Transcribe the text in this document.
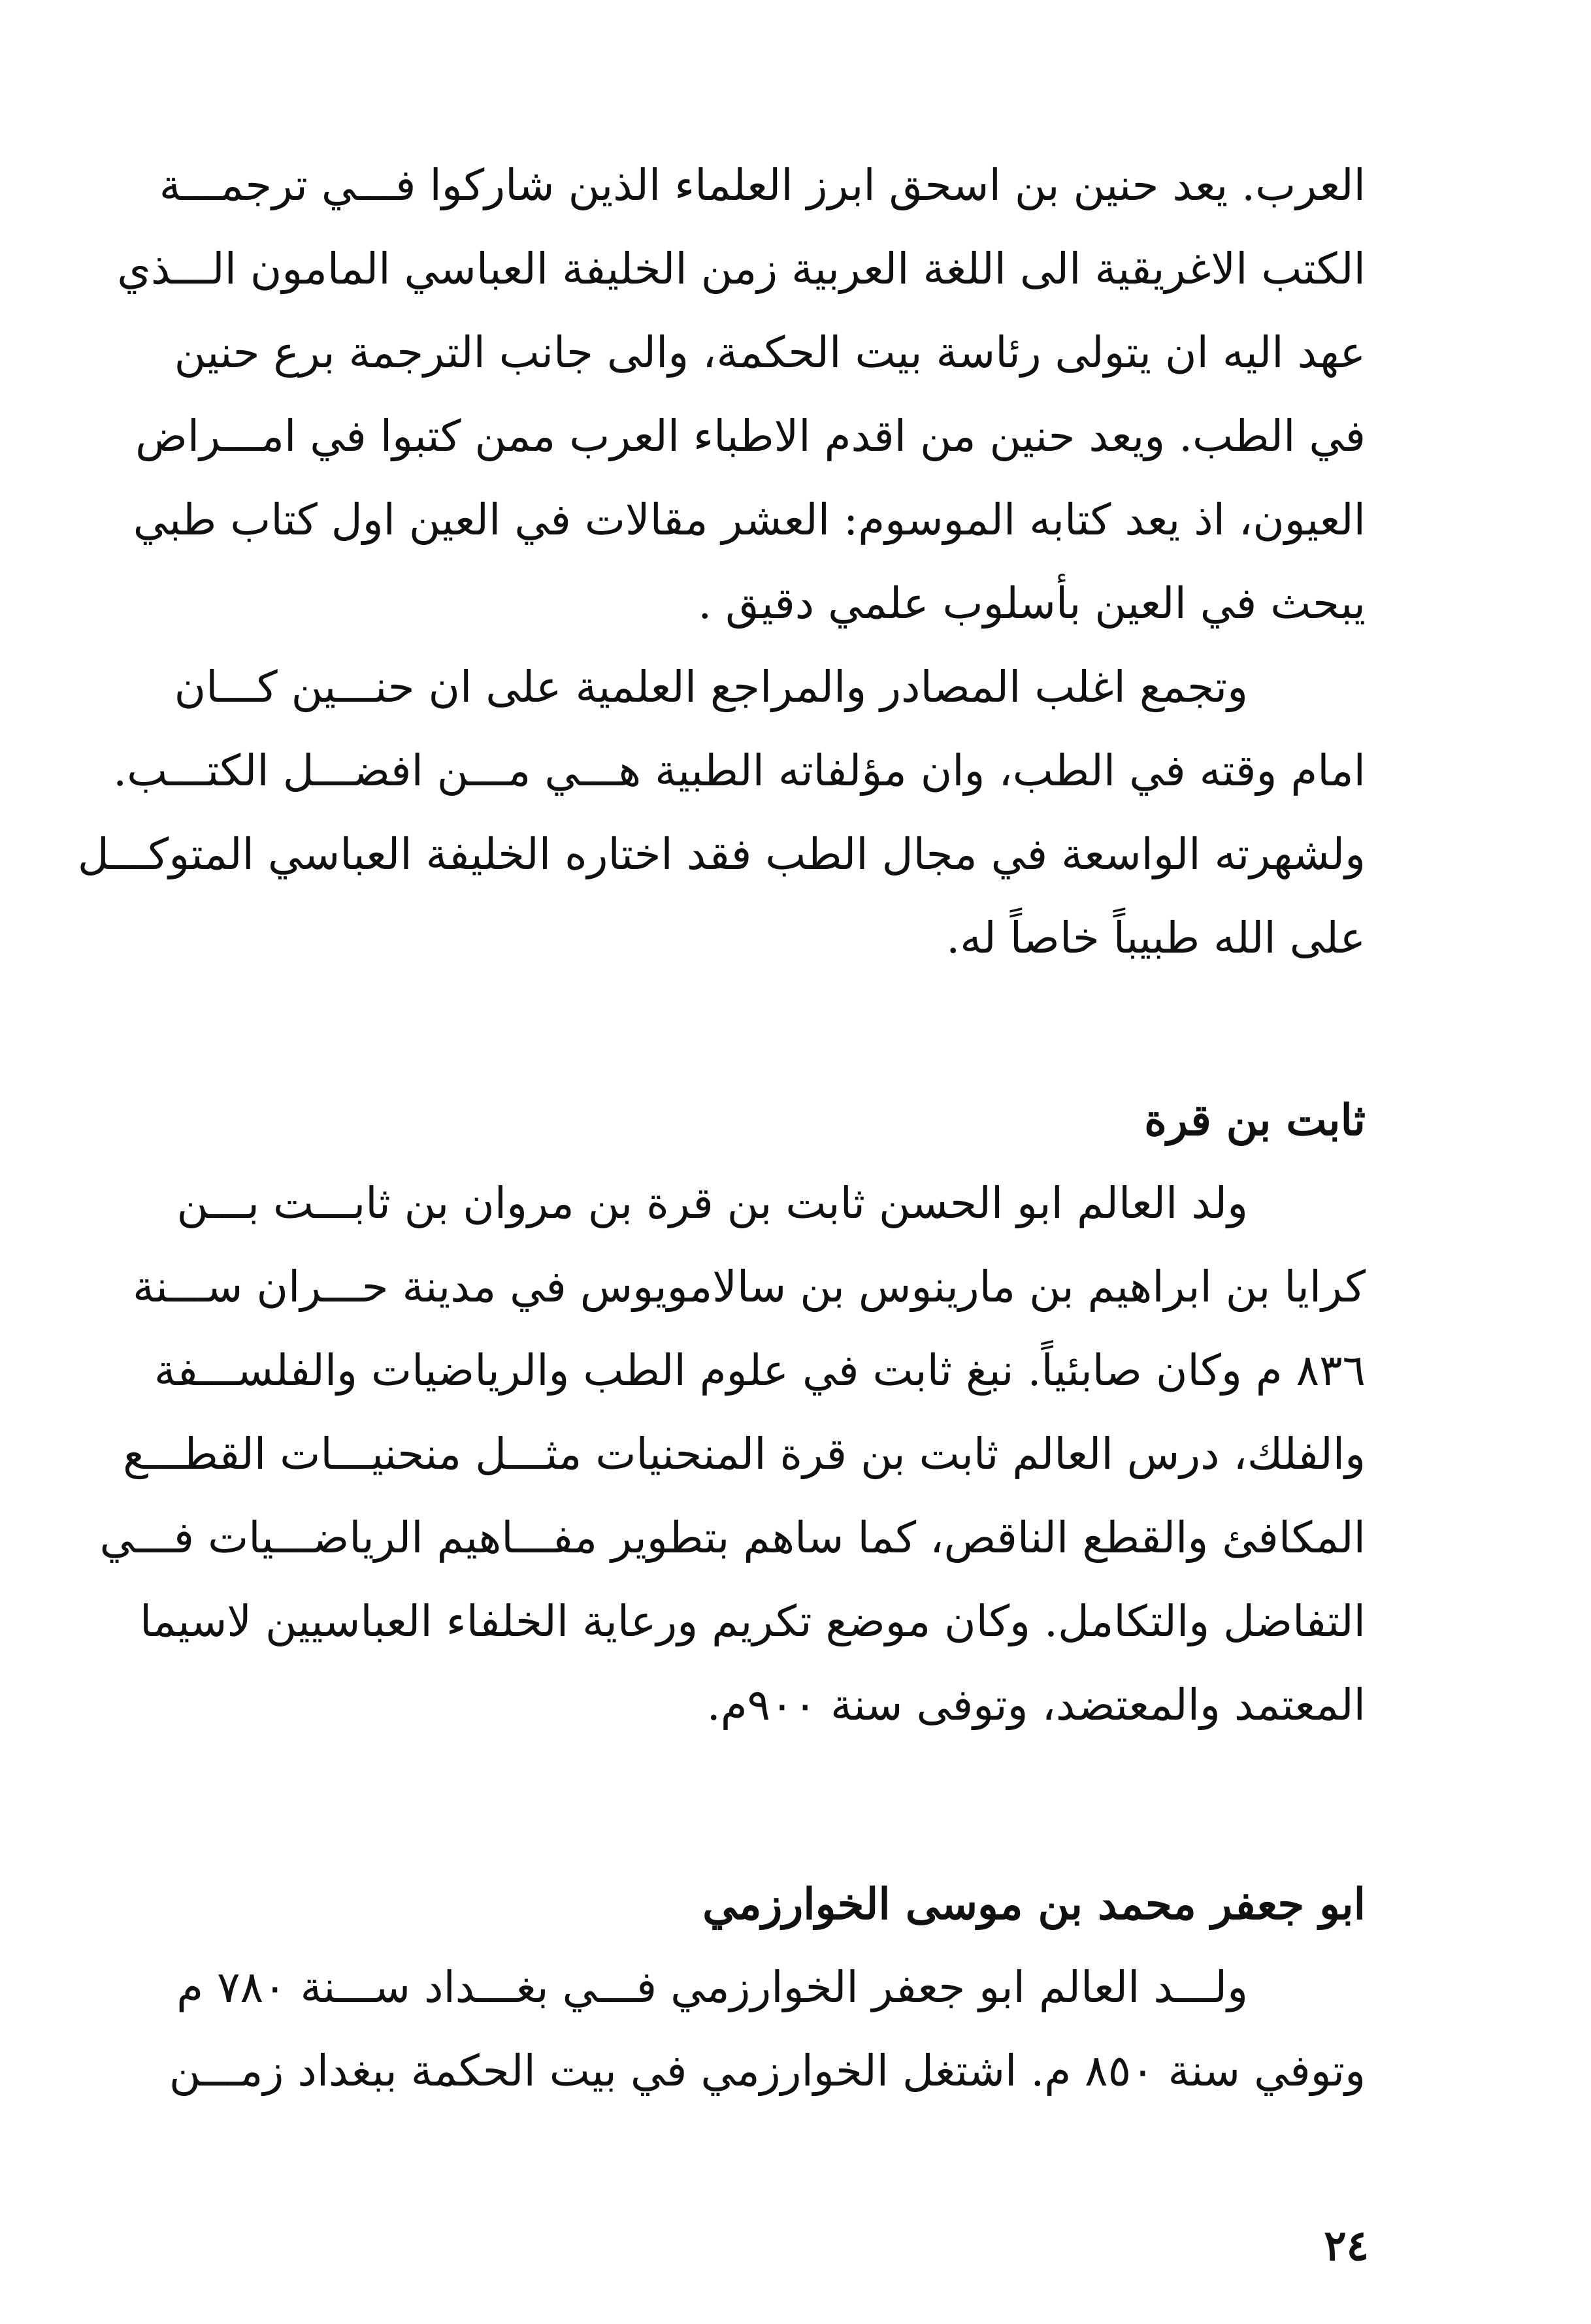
العرب. يعد حنين بن اسحق ابرز العلماء الذين شاركوا فـــي ترجمـــة
الكتب الاغريقية الى اللغة العربية زمن الخليفة العباسي المامون الـــذي
عهد اليه ان يتولى رئاسة بيت الحكمة، والى جانب الترجمة برع حنين
في الطب. ويعد حنين من اقدم الاطباء العرب ممن كتبوا في امـــراض
العيون، اذ يعد كتابه الموسوم: العشر مقالات في العين اول كتاب طبي
يبحث في العين بأسلوب علمي دقيق .
وتجمع اغلب المصادر والمراجع العلمية على ان حنـــين كـــان
امام وقته في الطب، وان مؤلفاته الطبية هـــي مـــن افضـــل الكتـــب.
ولشهرته الواسعة في مجال الطب فقد اختاره الخليفة العباسي المتوكـــل
على الله طبيباً خاصاً له.
ثابت بن قرة
ولد العالم ابو الحسن ثابت بن قرة بن مروان بن ثابـــت بـــن
كرايا بن ابراهيم بن مارينوس بن سالامويوس في مدينة حـــران ســـنة
٨٣٦ م وكان صابئياً. نبغ ثابت في علوم الطب والرياضيات والفلســـفة
والفلك، درس العالم ثابت بن قرة المنحنيات مثـــل منحنيـــات القطـــع
المكافئ والقطع الناقص، كما ساهم بتطوير مفـــاهيم الرياضـــيات فـــي
التفاضل والتكامل. وكان موضع تكريم ورعاية الخلفاء العباسيين لاسيما
المعتمد والمعتضد، وتوفى سنة ٩٠٠م.
ابو جعفر محمد بن موسى الخوارزمي
ولـــد العالم ابو جعفر الخوارزمي فـــي بغـــداد ســـنة ٧٨٠ م
وتوفي سنة ٨٥٠ م. اشتغل الخوارزمي في بيت الحكمة ببغداد زمـــن
٢٤
